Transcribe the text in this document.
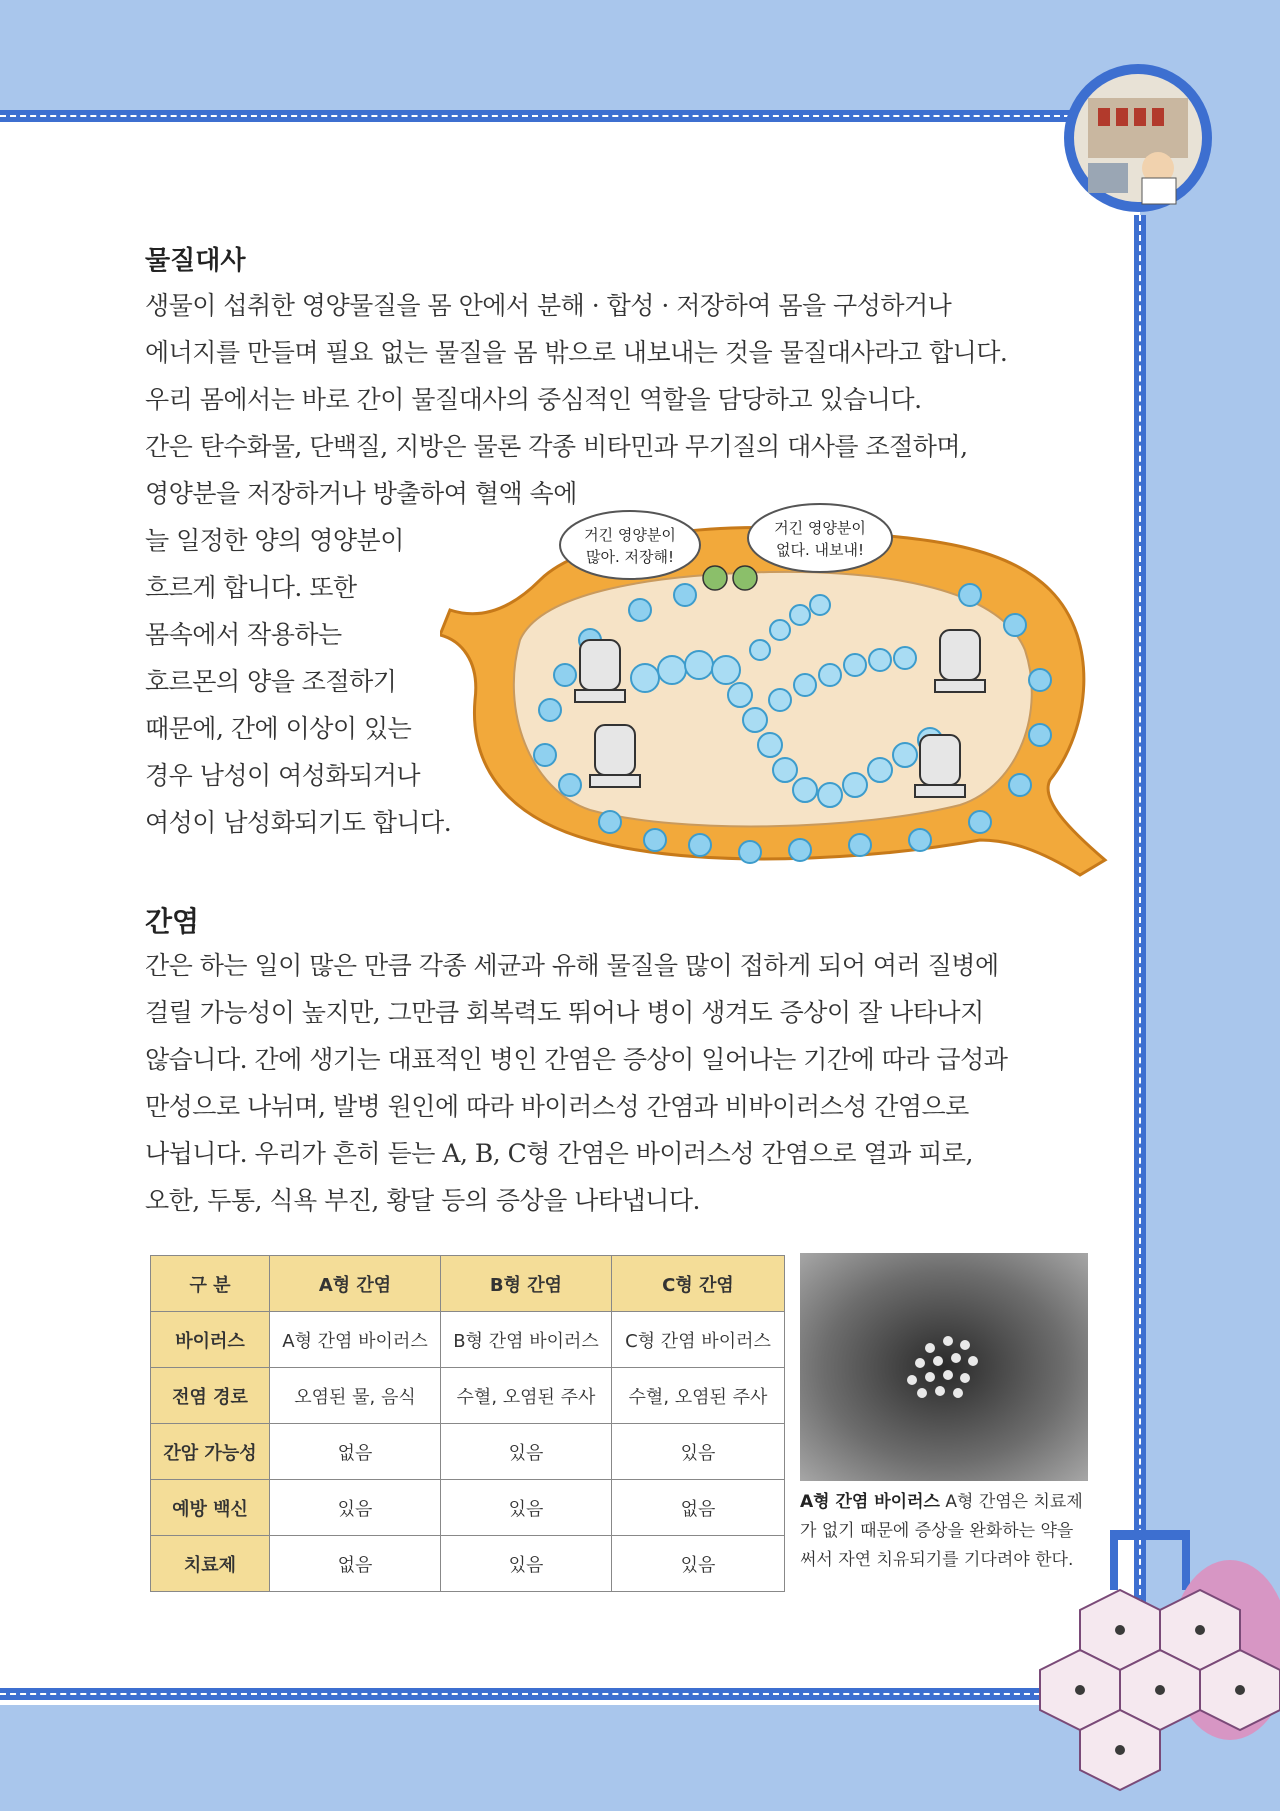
물질대사

생물이 섭취한 영양물질을 몸 안에서 분해 · 합성 · 저장하여 몸을 구성하거나
에너지를 만들며 필요 없는 물질을 몸 밖으로 내보내는 것을 물질대사라고 합니다.
우리 몸에서는 바로 간이 물질대사의 중심적인 역할을 담당하고 있습니다.
간은 탄수화물, 단백질, 지방은 물론 각종 비타민과 무기질의 대사를 조절하며,
영양분을 저장하거나 방출하여 혈액 속에
늘 일정한 양의 영양분이
흐르게 합니다. 또한
몸속에서 작용하는
호르몬의 양을 조절하기
때문에, 간에 이상이 있는
경우 남성이 여성화되거나
여성이 남성화되기도 합니다.

거긴 영양분이
많아. 저장해!
거긴 영양분이
없다. 내보내!
간염

간은 하는 일이 많은 만큼 각종 세균과 유해 물질을 많이 접하게 되어 여러 질병에
걸릴 가능성이 높지만, 그만큼 회복력도 뛰어나 병이 생겨도 증상이 잘 나타나지
않습니다. 간에 생기는 대표적인 병인 간염은 증상이 일어나는 기간에 따라 급성과
만성으로 나뉘며, 발병 원인에 따라 바이러스성 간염과 비바이러스성 간염으로
나뉩니다. 우리가 흔히 듣는 A, B, C형 간염은 바이러스성 간염으로 열과 피로,
오한, 두통, 식욕 부진, 황달 등의 증상을 나타냅니다.

구 분	A형 간염	B형 간염	C형 간염
바이러스	A형 간염 바이러스	B형 간염 바이러스	C형 간염 바이러스
전염 경로	오염된 물, 음식	수혈, 오염된 주사	수혈, 오염된 주사
간암 가능성	없음	있음	있음
예방 백신	있음	있음	없음
치료제	없음	있음	있음
A형 간염 바이러스 A형 간염은 치료제가 없기 때문에 증상을 완화하는 약을 써서 자연 치유되기를 기다려야 한다.
